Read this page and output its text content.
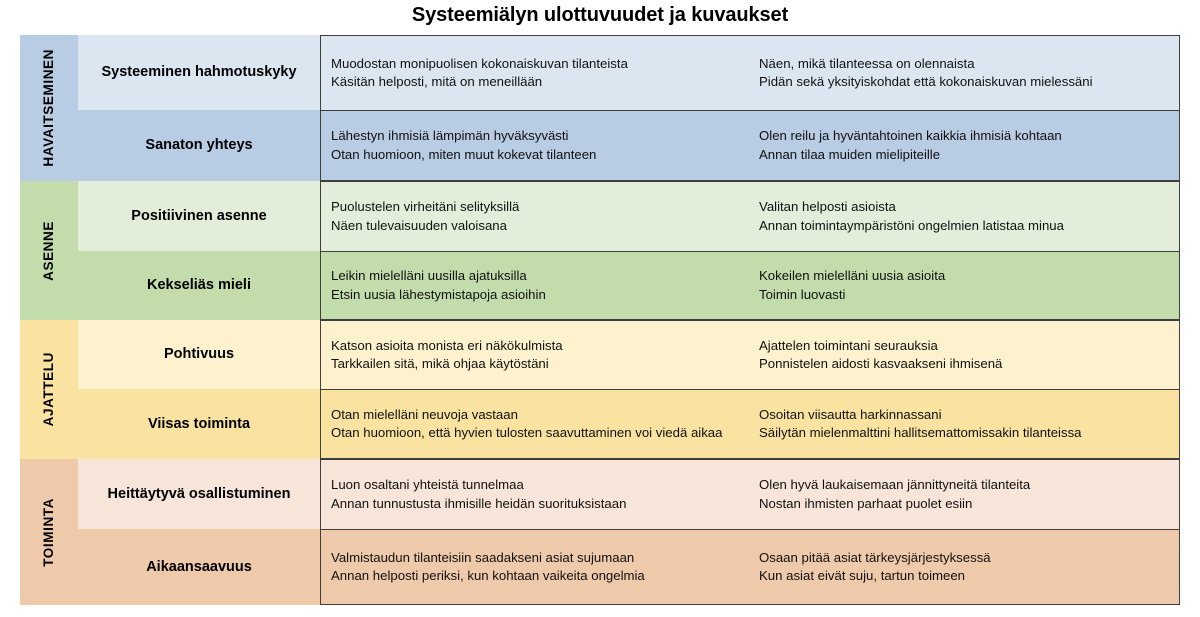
Systeemiälyn ulottuvuudet ja kuvaukset
HAVAITSEMINEN	Systeeminen hahmotuskyky
Muodostan monipuolisen kokonaiskuvan tilanteista
Käsitän helposti, mitä on meneillään
Näen, mikä tilanteessa on olennaista
Pidän sekä yksityiskohdat että kokonaiskuvan mielessäni
Sanaton yhteys
Lähestyn ihmisiä lämpimän hyväksyvästi
Otan huomioon, miten muut kokevat tilanteen
Olen reilu ja hyväntahtoinen kaikkia ihmisiä kohtaan
Annan tilaa muiden mielipiteille
ASENNE
Positiivinen asenne
Puolustelen virheitäni selityksillä
Näen tulevaisuuden valoisana
Valitan helposti asioista
Annan toimintaympäristöni ongelmien latistaa minua
Kekseliäs mieli
Leikin mielelläni uusilla ajatuksilla
Etsin uusia lähestymistapoja asioihin
Kokeilen mielelläni uusia asioita
Toimin luovasti
AJATTELU	Pohtivuus
Katson asioita monista eri näkökulmista
Tarkkailen sitä, mikä ohjaa käytöstäni
Ajattelen toimintani seurauksia
Ponnistelen aidosti kasvaakseni ihmisenä
Viisas toiminta
Otan mielelläni neuvoja vastaan
Otan huomioon, että hyvien tulosten saavuttaminen voi viedä aikaa
Osoitan viisautta harkinnassani
Säilytän mielenmalttini hallitsemattomissakin tilanteissa
TOIMINTA
Heittäytyvä osallistuminen
Luon osaltani yhteistä tunnelmaa
Annan tunnustusta ihmisille heidän suorituksistaan
Olen hyvä laukaisemaan jännittyneitä tilanteita
Nostan ihmisten parhaat puolet esiin
Aikaansaavuus
Valmistaudun tilanteisiin saadakseni asiat sujumaan
Annan helposti periksi, kun kohtaan vaikeita ongelmia
Osaan pitää asiat tärkeysjärjestyksessä
Kun asiat eivät suju, tartun toimeen
